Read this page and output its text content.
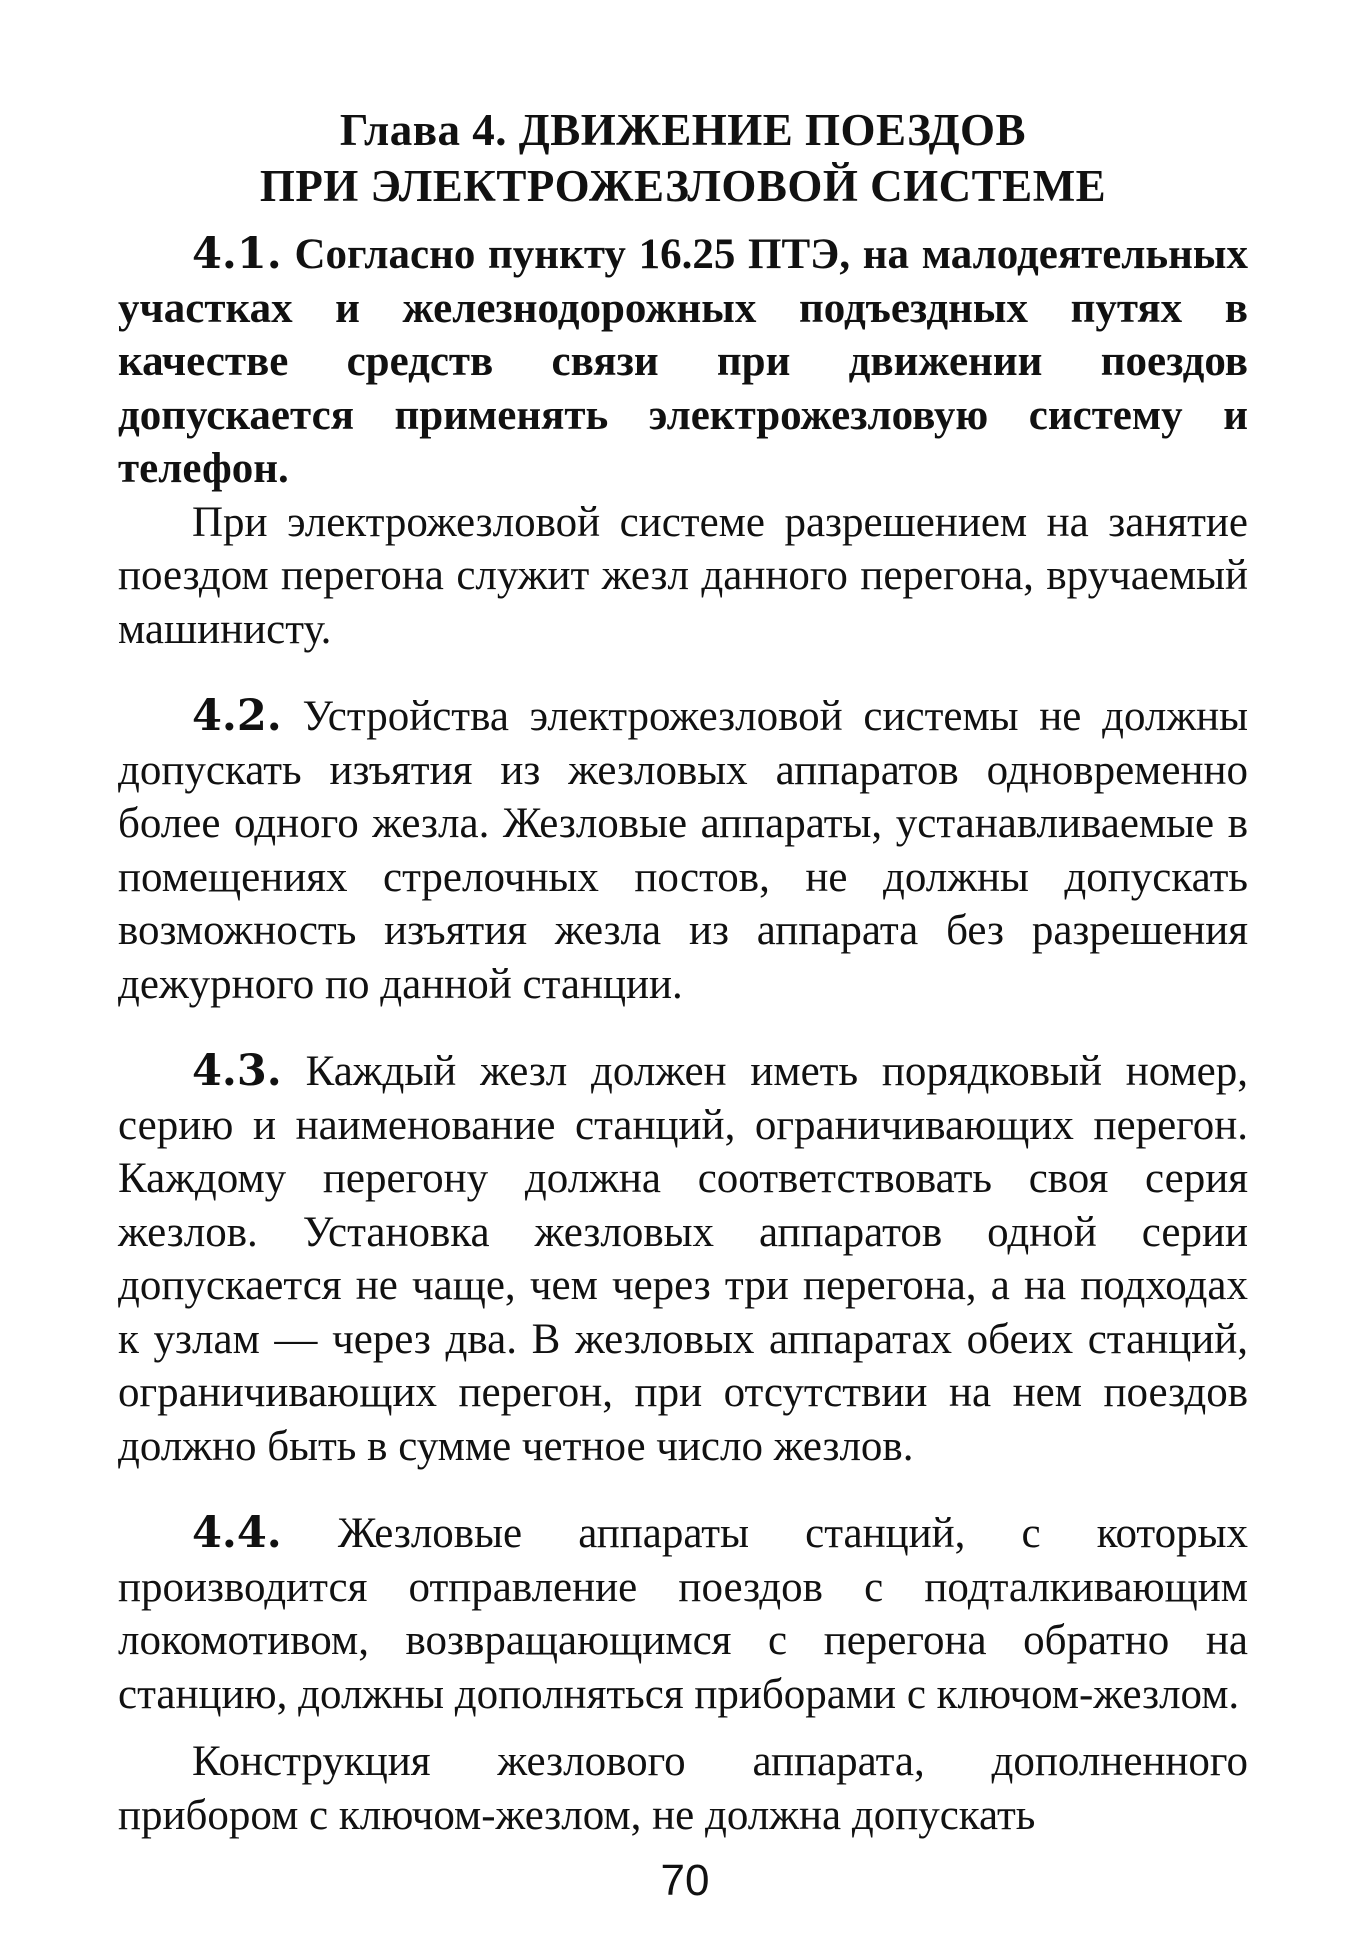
Глава 4. ДВИЖЕНИЕ ПОЕЗДОВ
ПРИ ЭЛЕКТРОЖЕЗЛОВОЙ СИСТЕМЕ

4.1. Согласно пункту 16.25 ПТЭ, на малодеятельных участках и железнодорожных подъездных путях в качестве средств связи при движении поездов допускается применять электрожезловую систему и телефон.

При электрожезловой системе разрешением на занятие поездом перегона служит жезл данного перегона, вручаемый машинисту.

4.2. Устройства электрожезловой системы не должны допускать изъятия из жезловых аппаратов одновременно более одного жезла. Жезловые аппараты, устанавливаемые в помещениях стрелочных постов, не должны допускать возможность изъятия жезла из аппарата без разрешения дежурного по данной станции.

4.3. Каждый жезл должен иметь порядковый номер, серию и наименование станций, ограничивающих перегон. Каждому перегону должна соответствовать своя серия жезлов. Установка жезловых аппаратов одной серии допускается не чаще, чем через три перегона, а на подходах к узлам — через два. В жезловых аппаратах обеих станций, ограничивающих перегон, при отсутствии на нем поездов должно быть в сумме четное число жезлов.

4.4. Жезловые аппараты станций, с которых производится отправление поездов с подталкивающим локомотивом, возвращающимся с перегона обратно на станцию, должны дополняться приборами с ключом-жезлом.

Конструкция жезлового аппарата, дополненного прибором с ключом-жезлом, не должна допускать

70
